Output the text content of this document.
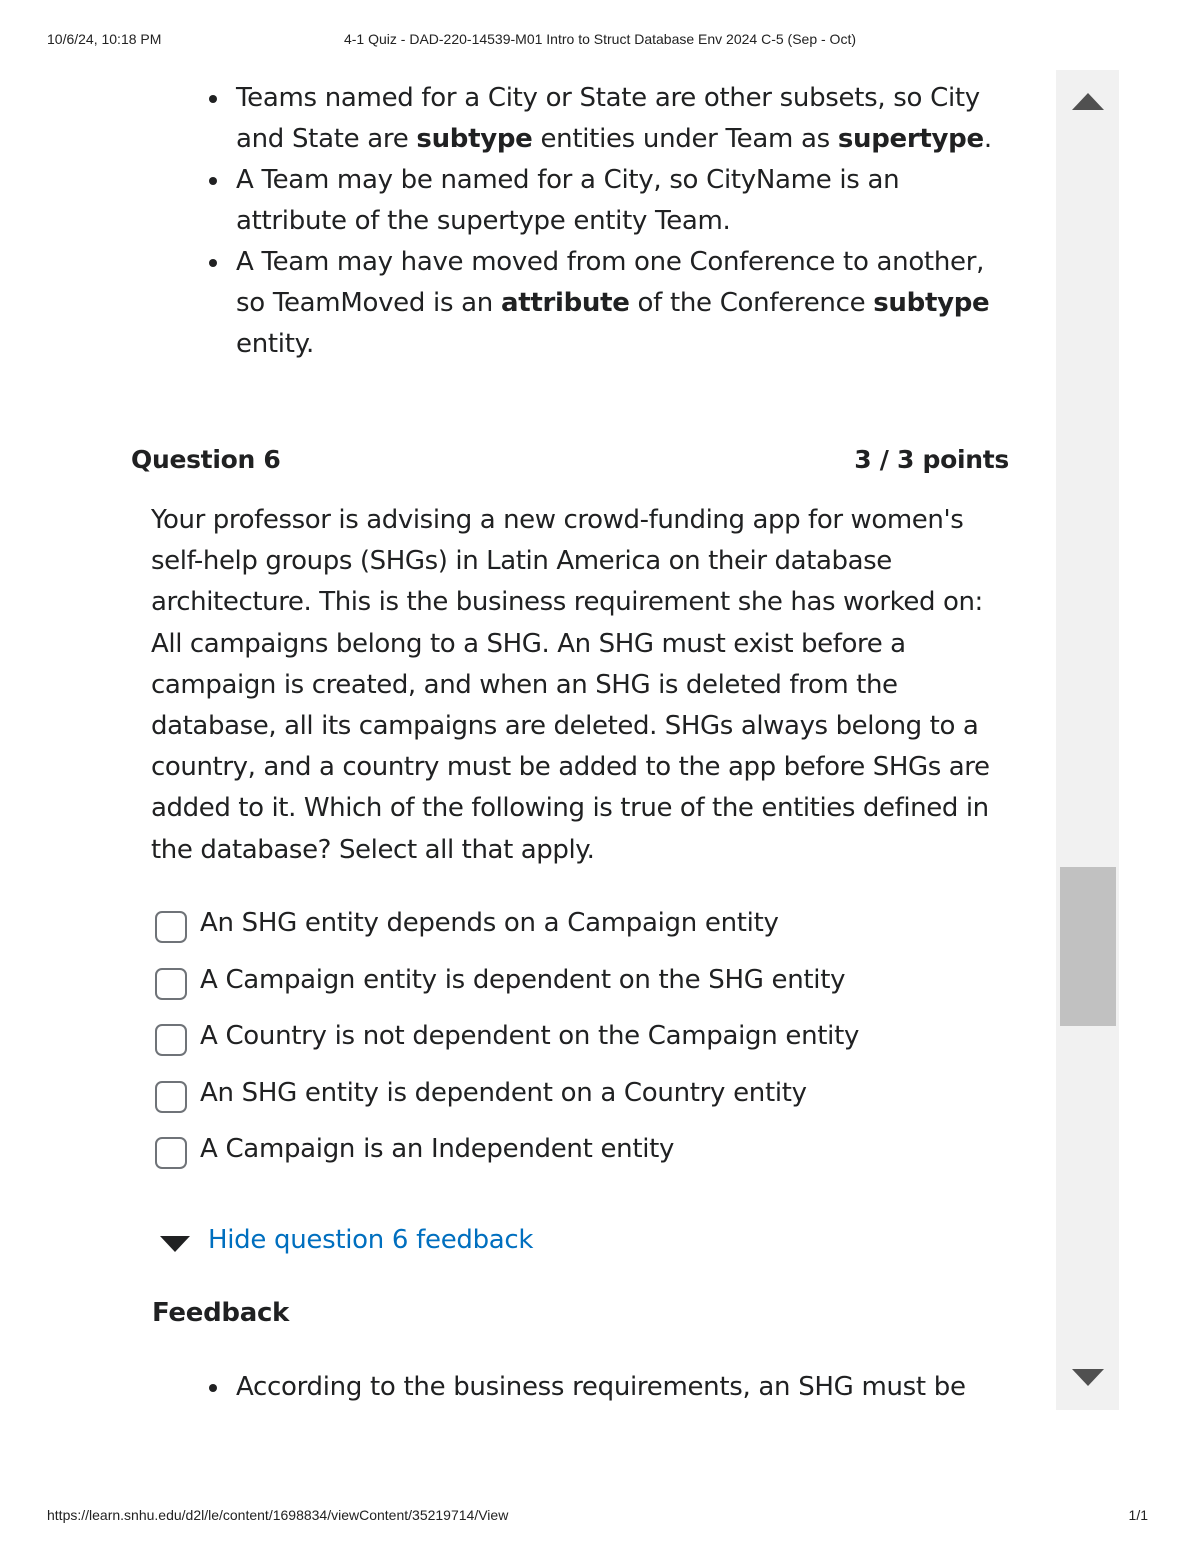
10/6/24, 10:18 PM	4-1 Quiz - DAD-220-14539-M01 Intro to Struct Database Env 2024 C-5 (Sep - Oct)
Teams named for a City or State are other subsets, so City and State are subtype entities under Team as supertype.
A Team may be named for a City, so CityName is an attribute of the supertype entity Team.
A Team may have moved from one Conference to another, so TeamMoved is an attribute of the Conference subtype entity.
Question 6	3 / 3 points

Your professor is advising a new crowd-funding app for women's self-help groups (SHGs) in Latin America on their database architecture. This is the business requirement she has worked on: All campaigns belong to a SHG. An SHG must exist before a campaign is created, and when an SHG is deleted from the database, all its campaigns are deleted. SHGs always belong to a country, and a country must be added to the app before SHGs are added to it. Which of the following is true of the entities defined in the database? Select all that apply.

An SHG entity depends on a Campaign entity
A Campaign entity is dependent on the SHG entity
A Country is not dependent on the Campaign entity
An SHG entity is dependent on a Country entity
A Campaign is an Independent entity
Hide question 6 feedback
Feedback
According to the business requirements, an SHG must be
https://learn.snhu.edu/d2l/le/content/1698834/viewContent/35219714/View	1/1
